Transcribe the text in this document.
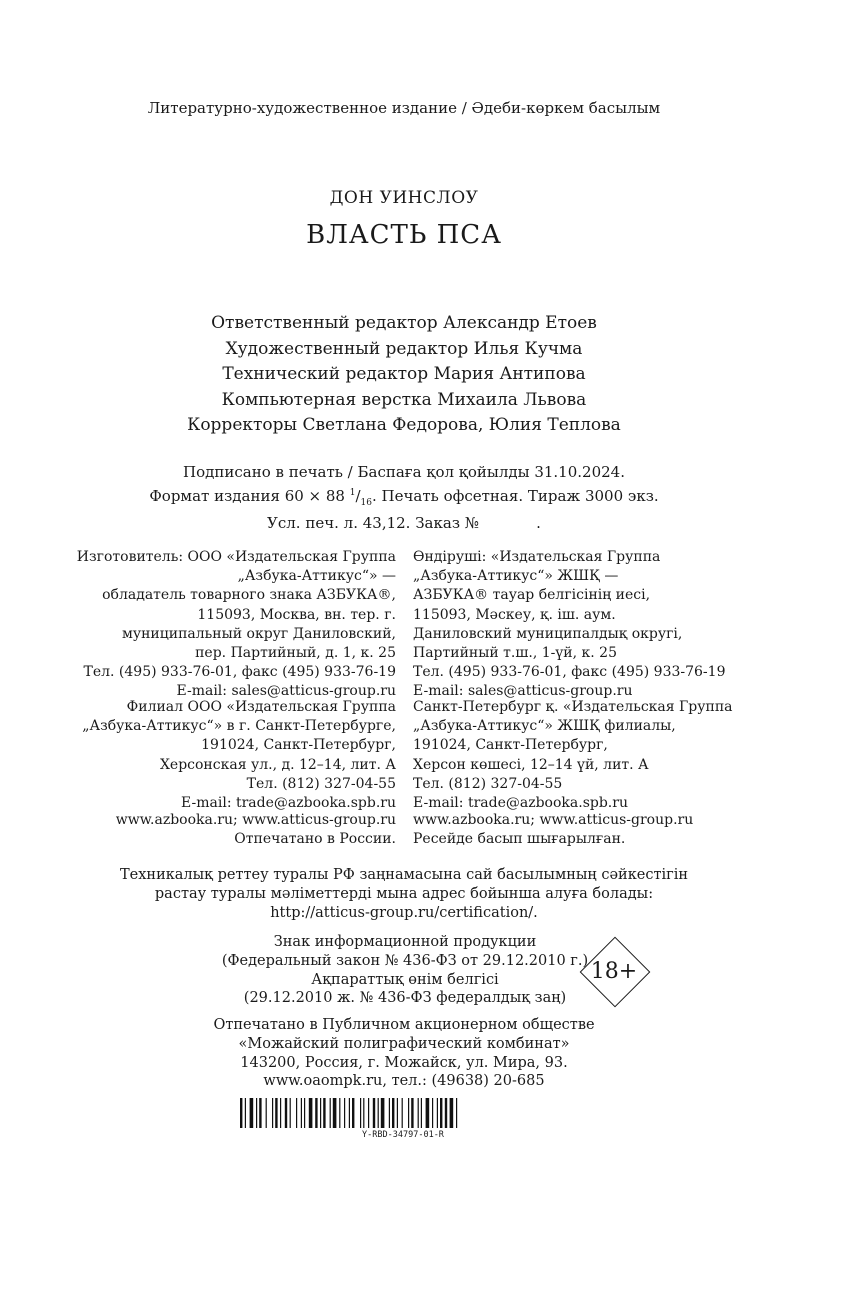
Литературно-художественное издание / Әдеби-көркем басылым
ДОН УИНСЛОУ
ВЛАСТЬ ПСА
Ответственный редактор Александр Етоев
Художественный редактор Илья Кучма
Технический редактор Мария Антипова
Компьютерная верстка Михаила Львова
Корректоры Светлана Федорова, Юлия Теплова
Подписано в печать / Баспаға қол қойылды 31.10.2024.
Формат издания 60 × 88 $^1/_{16}$. Печать офсетная. Тираж 3000 экз.
Усл. печ. л. 43,12. Заказ №            .
Изготовитель: ООО «Издательская Группа
„Азбука-Аттикус“» —
обладатель товарного знака АЗБУКА®,
115093, Москва, вн. тер. г.
муниципальный округ Даниловский,
пер. Партийный, д. 1, к. 25
Тел. (495) 933-76-01, факс (495) 933-76-19
E-mail: sales@atticus-group.ru
Өндіруші: «Издательская Группа
„Азбука-Аттикус“» ЖШҚ —
АЗБУКА® тауар белгісінің иесі,
115093, Мәскеу, қ. іш. аум.
Даниловский муниципалдық округі,
Партийный т.ш., 1-үй, к. 25
Тел. (495) 933-76-01, факс (495) 933-76-19
E-mail: sales@atticus-group.ru
Филиал ООО «Издательская Группа
„Азбука-Аттикус“» в г. Санкт-Петербурге,
191024, Санкт-Петербург,
Херсонская ул., д. 12–14, лит. А
Тел. (812) 327-04-55
E-mail: trade@azbooka.spb.ru
Санкт-Петербург қ. «Издательская Группа
„Азбука-Аттикус“» ЖШҚ филиалы,
191024, Санкт-Петербург,
Херсон көшесі, 12–14 үй, лит. А
Тел. (812) 327-04-55
E-mail: trade@azbooka.spb.ru
www.azbooka.ru; www.atticus-group.ru
Отпечатано в России.
www.azbooka.ru; www.atticus-group.ru
Ресейде басып шығарылған.
Техникалық реттеу туралы РФ заңнамасына сай басылымның сәйкестігін
растау туралы мәліметтерді мына адрес бойынша алуға болады:
http://atticus-group.ru/certification/.
Знак информационной продукции
(Федеральный закон № 436-ФЗ от 29.12.2010 г.)
Ақпараттық өнім белгісі
(29.12.2010 ж. № 436-ФЗ федералдық заң)
18+
Отпечатано в Публичном акционерном обществе
«Можайский полиграфический комбинат»
143200, Россия, г. Можайск, ул. Мира, 93.
www.oaompk.ru, тел.: (49638) 20-685
Y-RBD-34797-01-R
